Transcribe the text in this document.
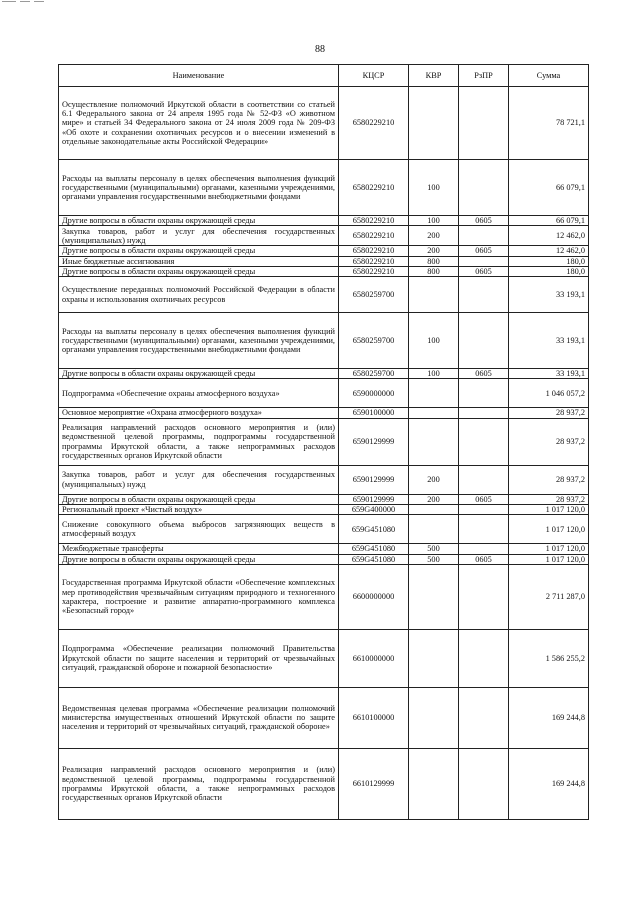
88
Наименование	КЦСР	КВР	РзПР	Сумма
Осуществление полномочий Иркутской области в соответствии со статьей 6.1 Федерального закона от 24 апреля 1995 года № 52-ФЗ «О животном мире» и статьей 34 Федерального закона от 24 июля 2009 года № 209-ФЗ «Об охоте и сохранении охотничьих ресурсов и о внесении изменений в отдельные законодательные акты Российской Федерации»	6580229210			78 721,1
Расходы на выплаты персоналу в целях обеспечения выполнения функций государственными (муниципальными) органами, казенными учреждениями, органами управления государственными внебюджетными фондами	6580229210	100		66 079,1
Другие вопросы в области охраны окружающей среды	6580229210	100	0605	66 079,1
Закупка товаров, работ и услуг для обеспечения государственных (муниципальных) нужд	6580229210	200		12 462,0
Другие вопросы в области охраны окружающей среды	6580229210	200	0605	12 462,0
Иные бюджетные ассигнования	6580229210	800		180,0
Другие вопросы в области охраны окружающей среды	6580229210	800	0605	180,0
Осуществление переданных полномочий Российской Федерации в области охраны и использования охотничьих ресурсов	6580259700			33 193,1
Расходы на выплаты персоналу в целях обеспечения выполнения функций государственными (муниципальными) органами, казенными учреждениями, органами управления государственными внебюджетными фондами	6580259700	100		33 193,1
Другие вопросы в области охраны окружающей среды	6580259700	100	0605	33 193,1
Подпрограмма «Обеспечение охраны атмосферного воздуха»	6590000000			1 046 057,2
Основное мероприятие «Охрана атмосферного воздуха»	6590100000			28 937,2
Реализация направлений расходов основного мероприятия и (или) ведомственной целевой программы, подпрограммы государственной программы Иркутской области, а также непрограммных расходов государственных органов Иркутской области	6590129999			28 937,2
Закупка товаров, работ и услуг для обеспечения государственных (муниципальных) нужд	6590129999	200		28 937,2
Другие вопросы в области охраны окружающей среды	6590129999	200	0605	28 937,2
Региональный проект «Чистый воздух»	659G400000			1 017 120,0
Снижение совокупного объема выбросов загрязняющих веществ в атмосферный воздух	659G451080			1 017 120,0
Межбюджетные трансферты	659G451080	500		1 017 120,0
Другие вопросы в области охраны окружающей среды	659G451080	500	0605	1 017 120,0
Государственная программа Иркутской области «Обеспечение комплексных мер противодействия чрезвычайным ситуациям природного и техногенного характера, построение и развитие аппаратно-программного комплекса «Безопасный город»	6600000000			2 711 287,0
Подпрограмма «Обеспечение реализации полномочий Правительства Иркутской области по защите населения и территорий от чрезвычайных ситуаций, гражданской обороне и пожарной безопасности»	6610000000			1 586 255,2
Ведомственная целевая программа «Обеспечение реализации полномочий министерства имущественных отношений Иркутской области по защите населения и территорий от чрезвычайных ситуаций, гражданской обороне»	6610100000			169 244,8
Реализация направлений расходов основного мероприятия и (или) ведомственной целевой программы, подпрограммы государственной программы Иркутской области, а также непрограммных расходов государственных органов Иркутской области	6610129999			169 244,8
